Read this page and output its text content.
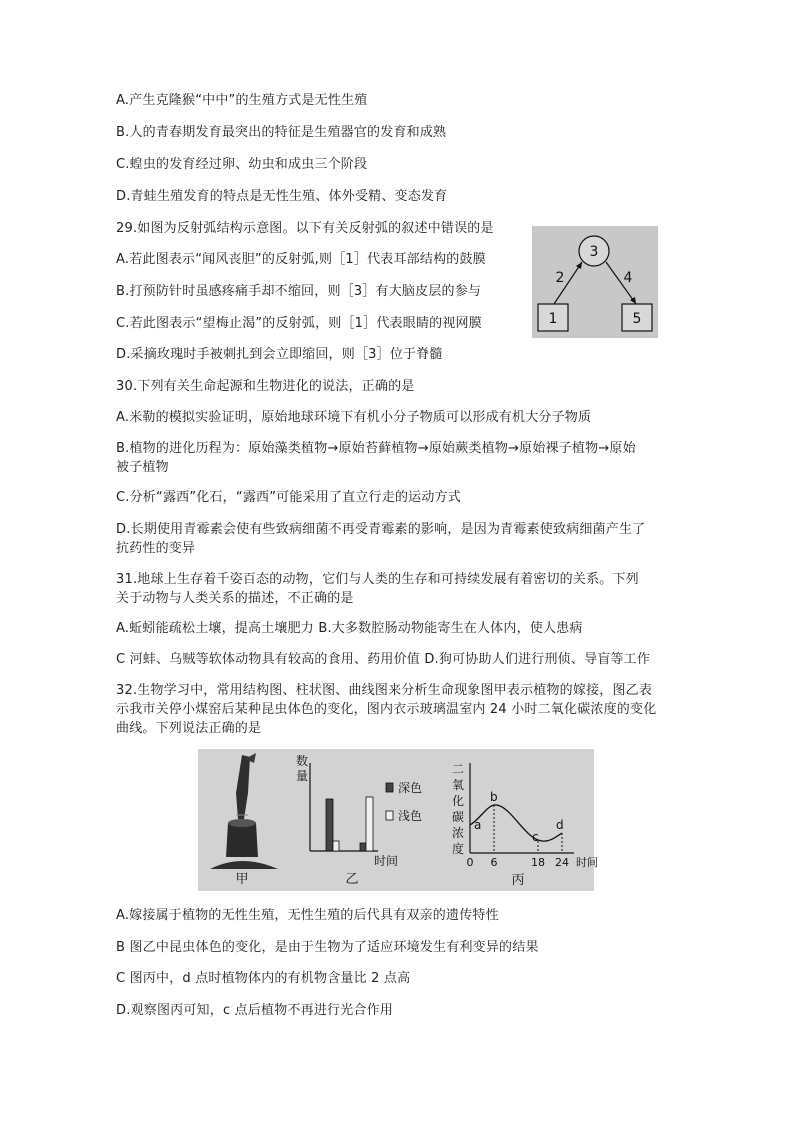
A.产生克隆猴“中中”的生殖方式是无性生殖
B.人的青春期发育最突出的特征是生殖器官的发育和成熟
C.蝗虫的发育经过卵、幼虫和成虫三个阶段
D.青蛙生殖发育的特点是无性生殖、体外受精、变态发育
29.如图为反射弧结构示意图。以下有关反射弧的叙述中错误的是
A.若此图表示“闻风丧胆”的反射弧,则［1］代表耳部结构的鼓膜
B.打预防针时虽感疼痛手却不缩回，则［3］有大脑皮层的参与
C.若此图表示“望梅止渴”的反射弧，则［1］代表眼睛的视网膜
D.采摘玫瑰时手被刺扎到会立即缩回，则［3］位于脊髓
3
2	4
1	5
30.下列有关生命起源和生物进化的说法，正确的是
A.米勒的模拟实验证明，原始地球环境下有机小分子物质可以形成有机大分子物质
B.植物的进化历程为：原始藻类植物→原始苔藓植物→原始蕨类植物→原始裸子植物→原始
被子植物
C.分析“露西”化石，“露西”可能采用了直立行走的运动方式
D.长期使用青霉素会使有些致病细菌不再受青霉素的影响，是因为青霉素使致病细菌产生了
抗药性的变异
31.地球上生存着千姿百态的动物，它们与人类的生存和可持续发展有着密切的关系。下列
关于动物与人类关系的描述，不正确的是
A.蚯蚓能疏松土壤，提高土壤肥力 B.大多数腔肠动物能寄生在人体内，使人患病
C 河蚌、乌贼等软体动物具有较高的食用、药用价值 D.狗可协助人们进行刑侦、导盲等工作
32.生物学习中，常用结构图、柱状图、曲线图来分析生命现象图甲表示植物的嫁接，图乙表
示我市关停小煤窑后某种昆虫体色的变化，图内衣示玻璃温室内 24 小时二氧化碳浓度的变化
曲线。下列说法正确的是
甲
数
量
深色
浅色
时间
乙
二
氧
化
碳
浓
度
a
b
c
d
0 6	18 24 时间
丙
A.嫁接属于植物的无性生殖，无性生殖的后代具有双亲的遗传特性
B 图乙中昆虫体色的变化，是由于生物为了适应环境发生有利变异的结果
C 图丙中，d 点时植物体内的有机物含量比 2 点高
D.观察图丙可知，c 点后植物不再进行光合作用
